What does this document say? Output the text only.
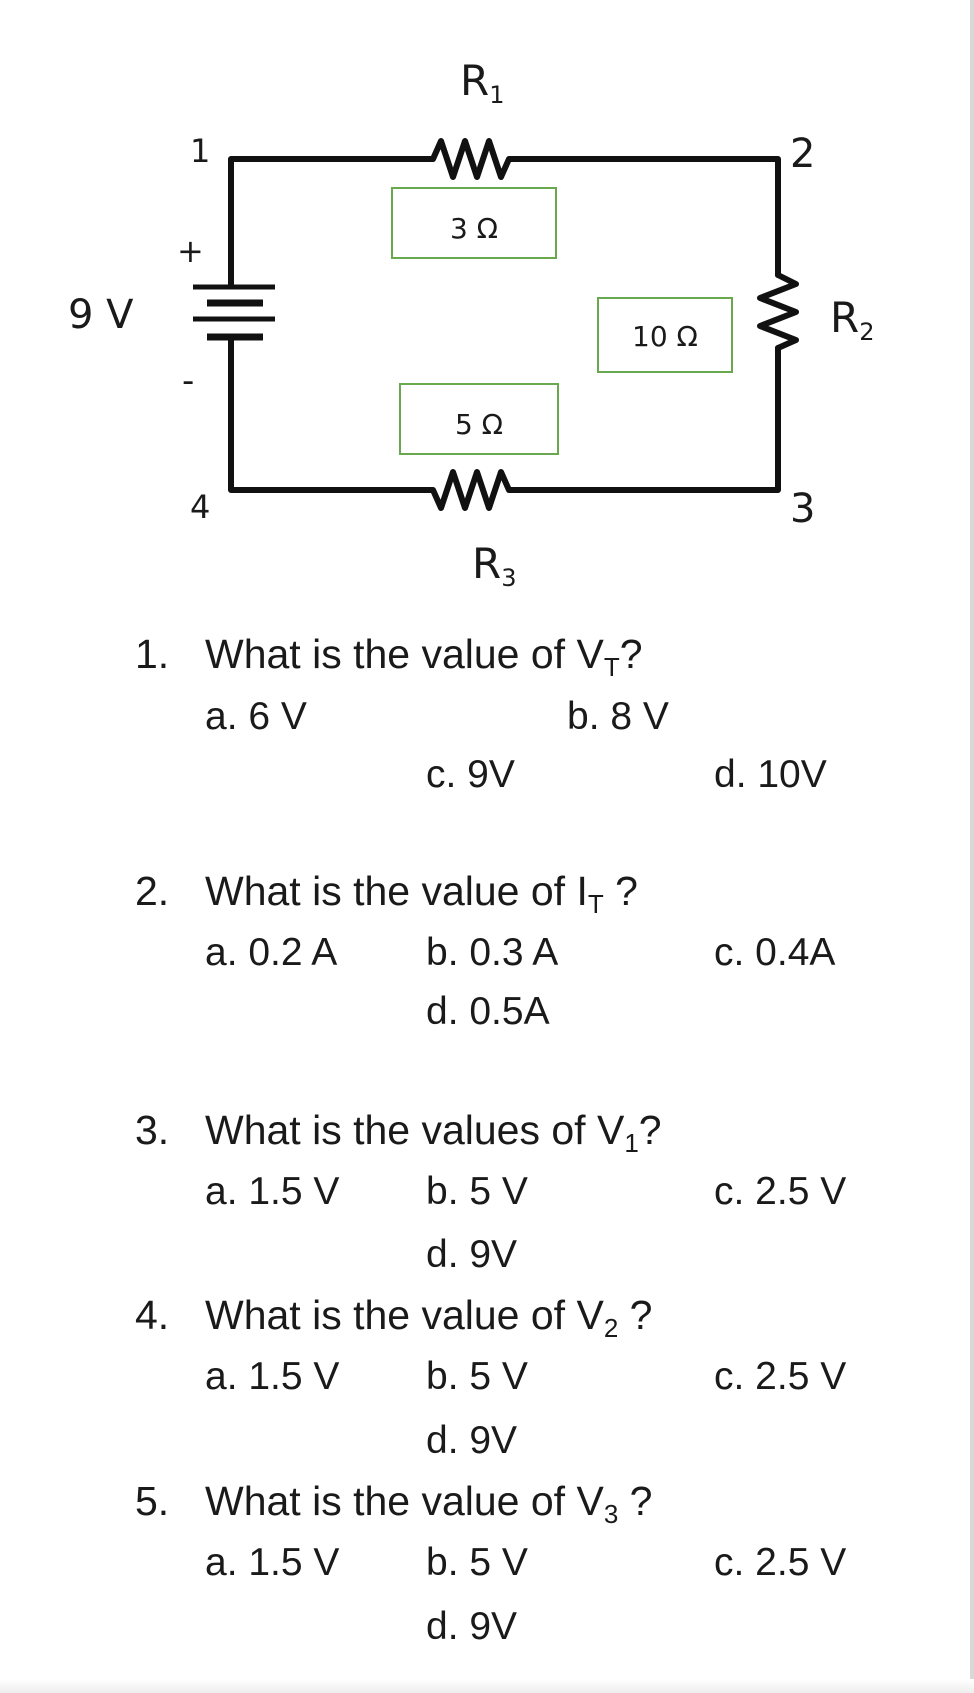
3 Ω
10 Ω
5 Ω
9 V
+
-
1	2
3
4
R1
R2
R3
1. What is the value of $V_T$?
a. 6 V	b. 8 V
c. 9V	d. 10V
2. What is the value of $I_T$ ?
a. 0.2 A b. 0.3 A	c. 0.4A
d. 0.5A
3. What is the values of $V_1$?
a. 1.5 V b. 5 V	c. 2.5 V
d. 9V
4. What is the value of $V_2$ ?
a. 1.5 V b. 5 V	c. 2.5 V
d. 9V
5. What is the value of $V_3$ ?
a. 1.5 V b. 5 V	c. 2.5 V
d. 9V
